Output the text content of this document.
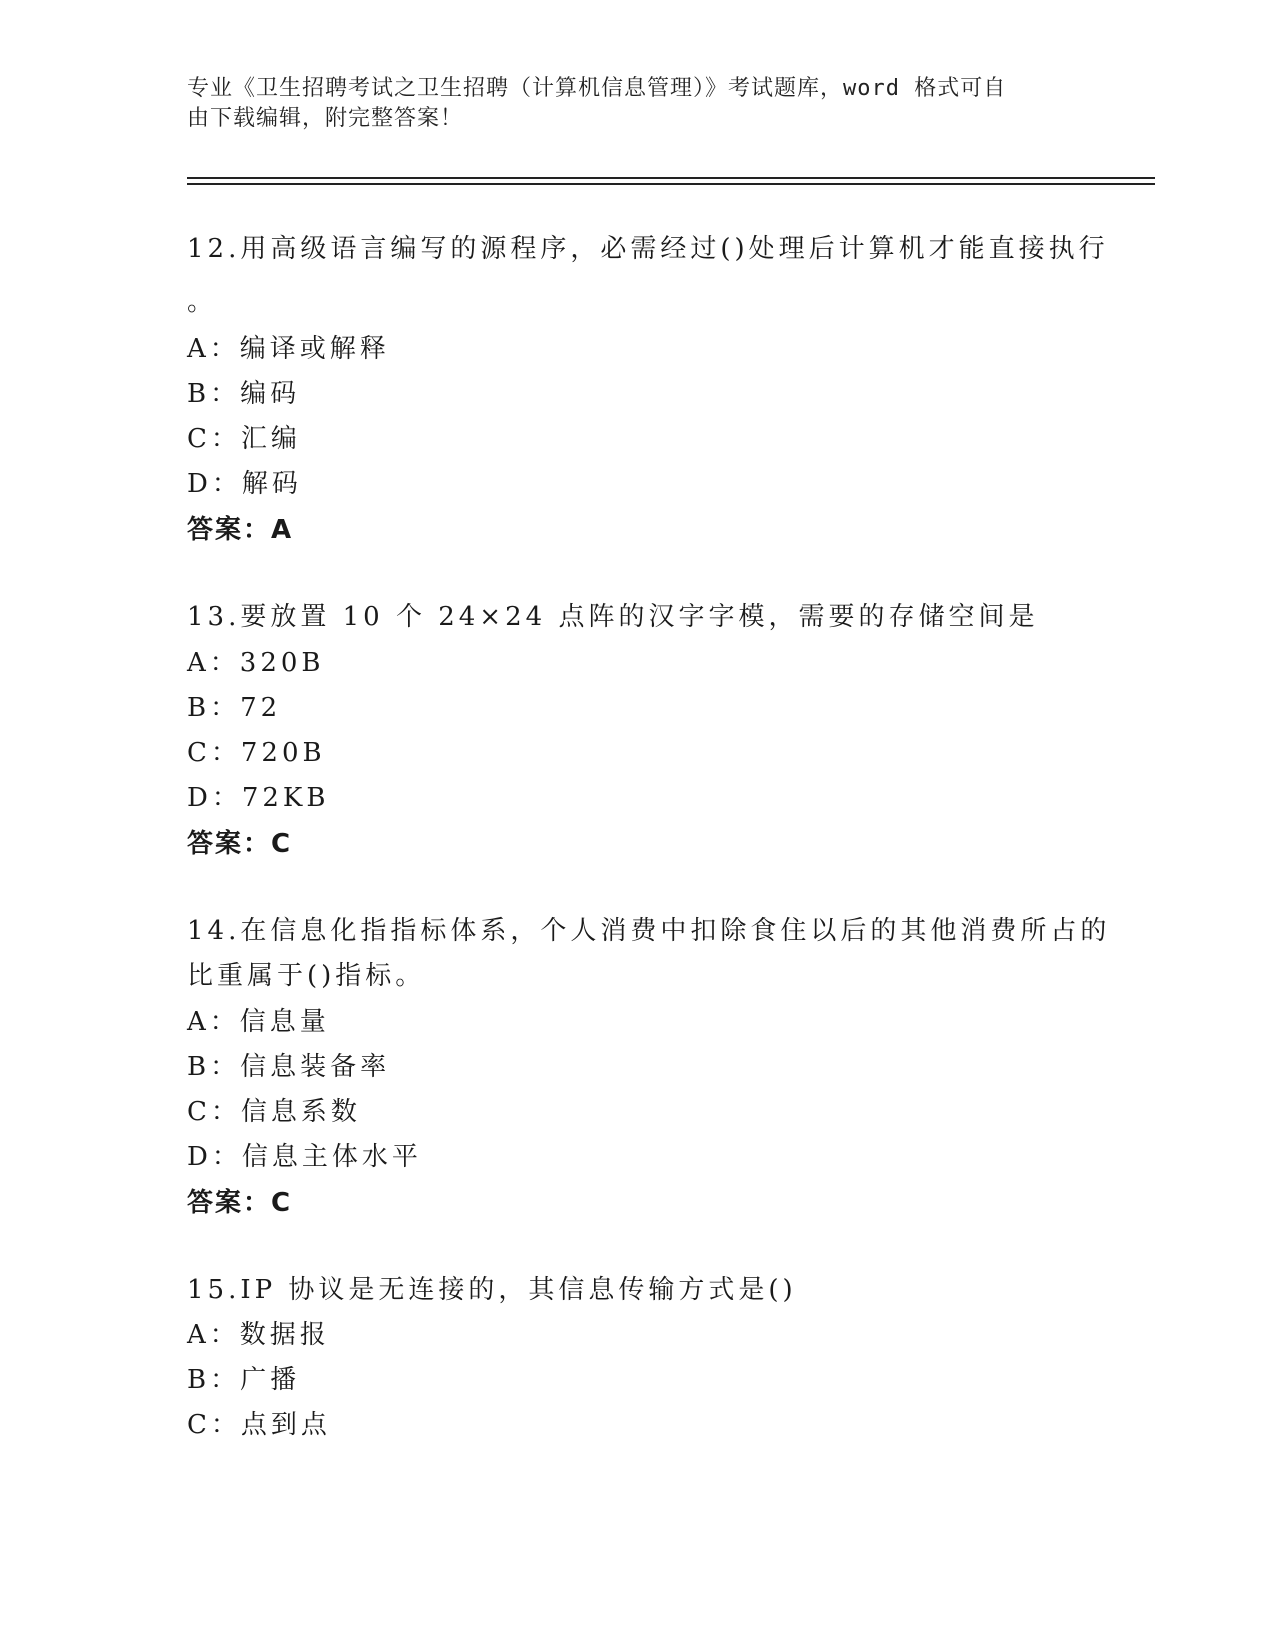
专业《卫生招聘考试之卫生招聘（计算机信息管理）》考试题库，word 格式可自
由下载编辑，附完整答案！
12.用高级语言编写的源程序，必需经过()处理后计算机才能直接执行
。
A：编译或解释
B：编码
C：汇编
D：解码
答案：A
13.要放置 10 个 24×24 点阵的汉字字模，需要的存储空间是
A：320B
B：72
C：720B
D：72KB
答案：C
14.在信息化指指标体系，个人消费中扣除食住以后的其他消费所占的
比重属于()指标。
A：信息量
B：信息装备率
C：信息系数
D：信息主体水平
答案：C
15.IP 协议是无连接的，其信息传输方式是()
A：数据报
B：广播
C：点到点
